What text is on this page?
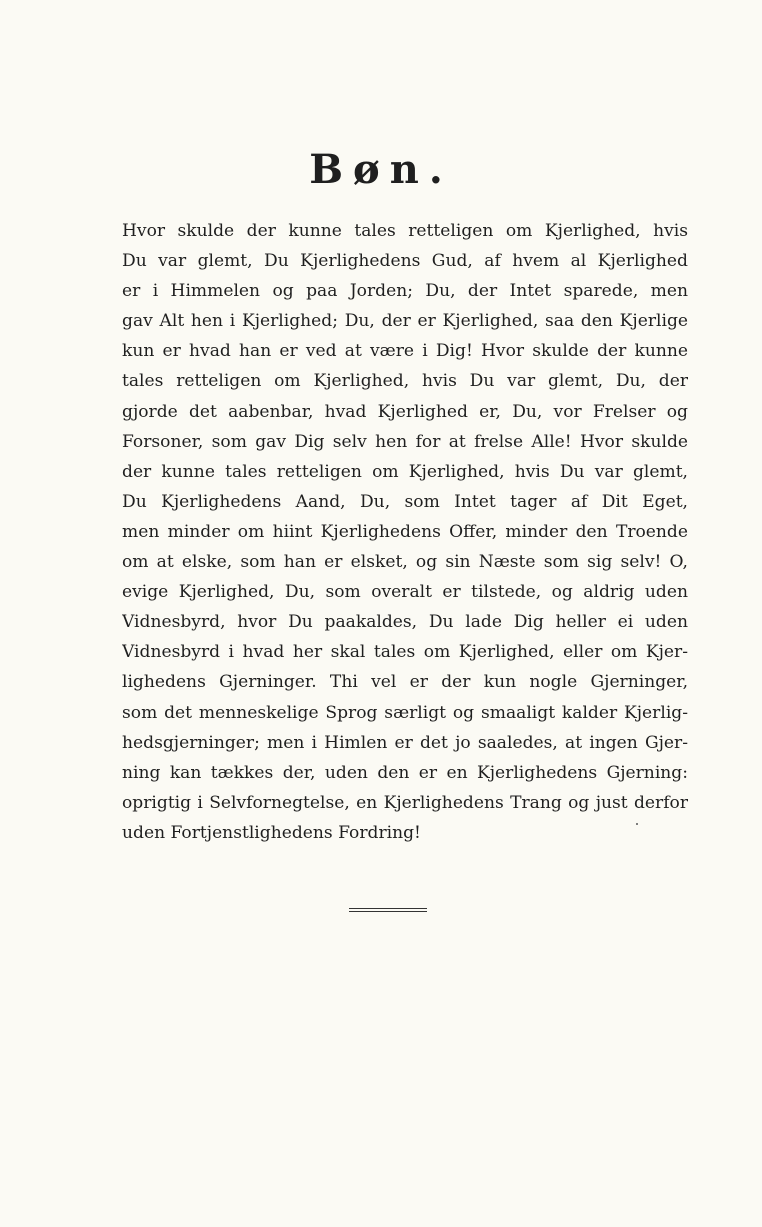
Bøn.
Hvor skulde der kunne tales retteligen om Kjerlighed, hvis
Du var glemt, Du Kjerlighedens Gud, af hvem al Kjerlighed
er i Himmelen og paa Jorden; Du, der Intet sparede, men
gav Alt hen i Kjerlighed; Du, der er Kjerlighed, saa den Kjerlige
kun er hvad han er ved at være i Dig! Hvor skulde der kunne
tales retteligen om Kjerlighed, hvis Du var glemt, Du, der
gjorde det aabenbar, hvad Kjerlighed er, Du, vor Frelser og
Forsoner, som gav Dig selv hen for at frelse Alle! Hvor skulde
der kunne tales retteligen om Kjerlighed, hvis Du var glemt,
Du Kjerlighedens Aand, Du, som Intet tager af Dit Eget,
men minder om hiint Kjerlighedens Offer, minder den Troende
om at elske, som han er elsket, og sin Næste som sig selv! O,
evige Kjerlighed, Du, som overalt er tilstede, og aldrig uden
Vidnesbyrd, hvor Du paakaldes, Du lade Dig heller ei uden
Vidnesbyrd i hvad her skal tales om Kjerlighed, eller om Kjer-
lighedens Gjerninger. Thi vel er der kun nogle Gjerninger,
som det menneskelige Sprog særligt og smaaligt kalder Kjerlig-
hedsgjerninger; men i Himlen er det jo saaledes, at ingen Gjer-
ning kan tækkes der, uden den er en Kjerlighedens Gjerning:
oprigtig i Selvfornegtelse, en Kjerlighedens Trang og just derfor
uden Fortjenstlighedens Fordring!
